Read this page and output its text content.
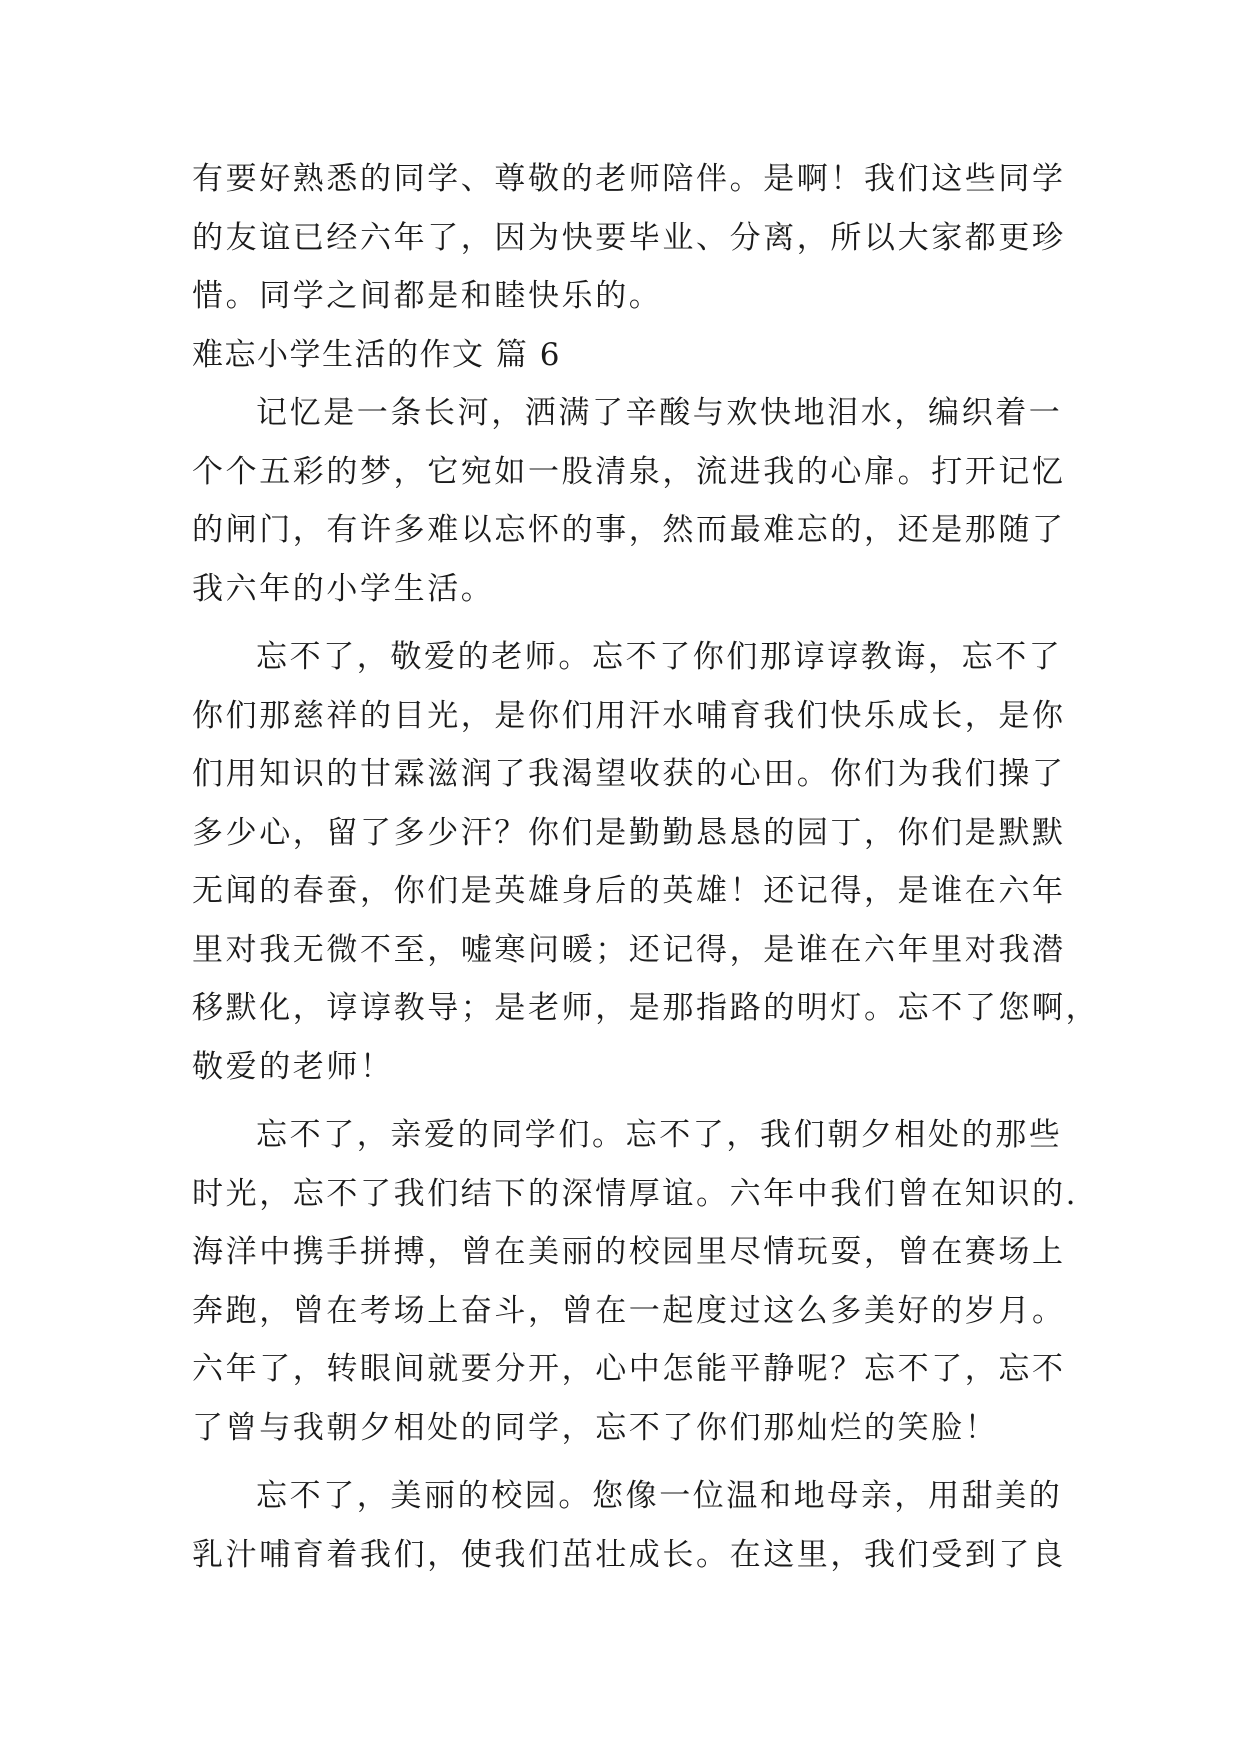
有要好熟悉的同学、尊敬的老师陪伴。是啊！我们这些同学
的友谊已经六年了，因为快要毕业、分离，所以大家都更珍
惜。同学之间都是和睦快乐的。
难忘小学生活的作文 篇 6
记忆是一条长河，洒满了辛酸与欢快地泪水，编织着一
个个五彩的梦，它宛如一股清泉，流进我的心扉。打开记忆
的闸门，有许多难以忘怀的事，然而最难忘的，还是那随了
我六年的小学生活。
忘不了，敬爱的老师。忘不了你们那谆谆教诲，忘不了
你们那慈祥的目光，是你们用汗水哺育我们快乐成长，是你
们用知识的甘霖滋润了我渴望收获的心田。你们为我们操了
多少心，留了多少汗？你们是勤勤恳恳的园丁，你们是默默
无闻的春蚕，你们是英雄身后的英雄！还记得，是谁在六年
里对我无微不至，嘘寒问暖；还记得，是谁在六年里对我潜
移默化，谆谆教导；是老师，是那指路的明灯。忘不了您啊，
敬爱的老师！
忘不了，亲爱的同学们。忘不了，我们朝夕相处的那些
时光，忘不了我们结下的深情厚谊。六年中我们曾在知识的.
海洋中携手拼搏，曾在美丽的校园里尽情玩耍，曾在赛场上
奔跑，曾在考场上奋斗，曾在一起度过这么多美好的岁月。
六年了，转眼间就要分开，心中怎能平静呢？忘不了，忘不
了曾与我朝夕相处的同学，忘不了你们那灿烂的笑脸！
忘不了，美丽的校园。您像一位温和地母亲，用甜美的
乳汁哺育着我们，使我们茁壮成长。在这里，我们受到了良
